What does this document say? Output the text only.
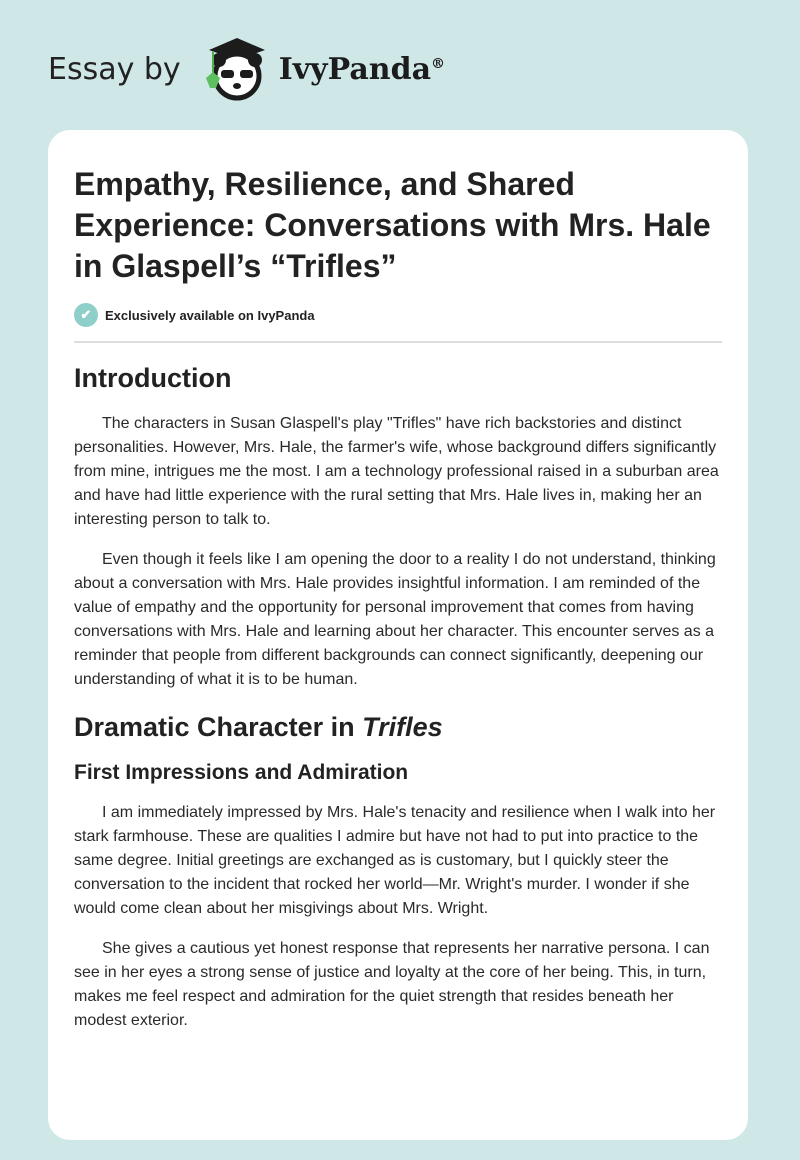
Essay by	IvyPanda®
Empathy, Resilience, and Shared Experience: Conversations with Mrs. Hale in Glaspell’s “Trifles”
✔	Exclusively available on IvyPanda
Introduction

The characters in Susan Glaspell's play "Trifles" have rich backstories and distinct personalities. However, Mrs. Hale, the farmer's wife, whose background differs significantly from mine, intrigues me the most. I am a technology professional raised in a suburban area and have had little experience with the rural setting that Mrs. Hale lives in, making her an interesting person to talk to.

Even though it feels like I am opening the door to a reality I do not understand, thinking about a conversation with Mrs. Hale provides insightful information. I am reminded of the value of empathy and the opportunity for personal improvement that comes from having conversations with Mrs. Hale and learning about her character. This encounter serves as a reminder that people from different backgrounds can connect significantly, deepening our understanding of what it is to be human.

Dramatic Character in Trifles
First Impressions and Admiration

I am immediately impressed by Mrs. Hale's tenacity and resilience when I walk into her stark farmhouse. These are qualities I admire but have not had to put into practice to the same degree. Initial greetings are exchanged as is customary, but I quickly steer the conversation to the incident that rocked her world—Mr. Wright's murder. I wonder if she would come clean about her misgivings about Mrs. Wright.

She gives a cautious yet honest response that represents her narrative persona. I can see in her eyes a strong sense of justice and loyalty at the core of her being. This, in turn, makes me feel respect and admiration for the quiet strength that resides beneath her modest exterior.
